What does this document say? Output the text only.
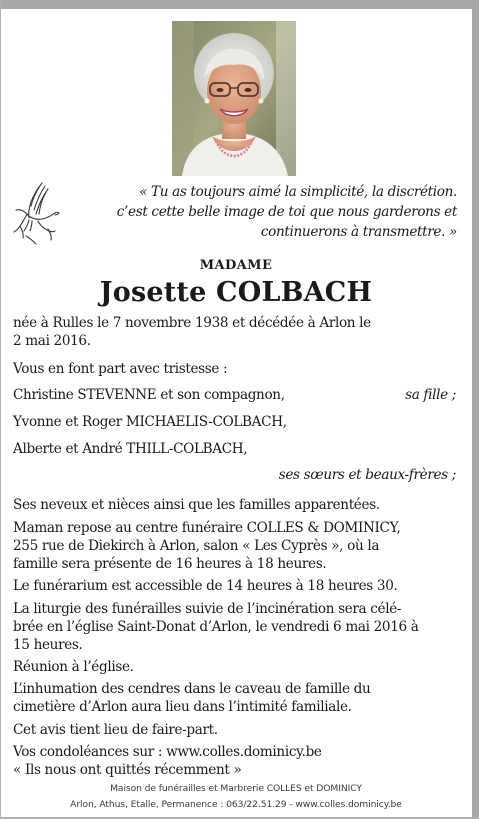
« Tu as toujours aimé la simplicité, la discrétion.
c’est cette belle image de toi que nous garderons et
continuerons à transmettre. »
MADAME
Josette COLBACH
née à Rulles le 7 novembre 1938 et décédée à Arlon le
2 mai 2016.
Vous en font part avec tristesse :
Christine STEVENNE et son compagnon,	sa fille ;
Yvonne et Roger MICHAELIS-COLBACH,
Alberte et André THILL-COLBACH,
ses sœurs et beaux-frères ;
Ses neveux et nièces ainsi que les familles apparentées.
Maman repose au centre funéraire COLLES & DOMINICY,
255 rue de Diekirch à Arlon, salon « Les Cyprès », où la
famille sera présente de 16 heures à 18 heures.
Le funérarium est accessible de 14 heures à 18 heures 30.
La liturgie des funérailles suivie de l’incinération sera célé-
brée en l’église Saint-Donat d’Arlon, le vendredi 6 mai 2016 à
15 heures.
Réunion à l’église.
L’inhumation des cendres dans le caveau de famille du
cimetière d’Arlon aura lieu dans l’intimité familiale.
Cet avis tient lieu de faire-part.
Vos condoléances sur : www.colles.dominicy.be
« Ils nous ont quittés récemment »
Maison de funérailles et Marbrerie COLLES et DOMINICY
Arlon, Athus, Etalle, Permanence : 063/22.51.29 - www.colles.dominicy.be
